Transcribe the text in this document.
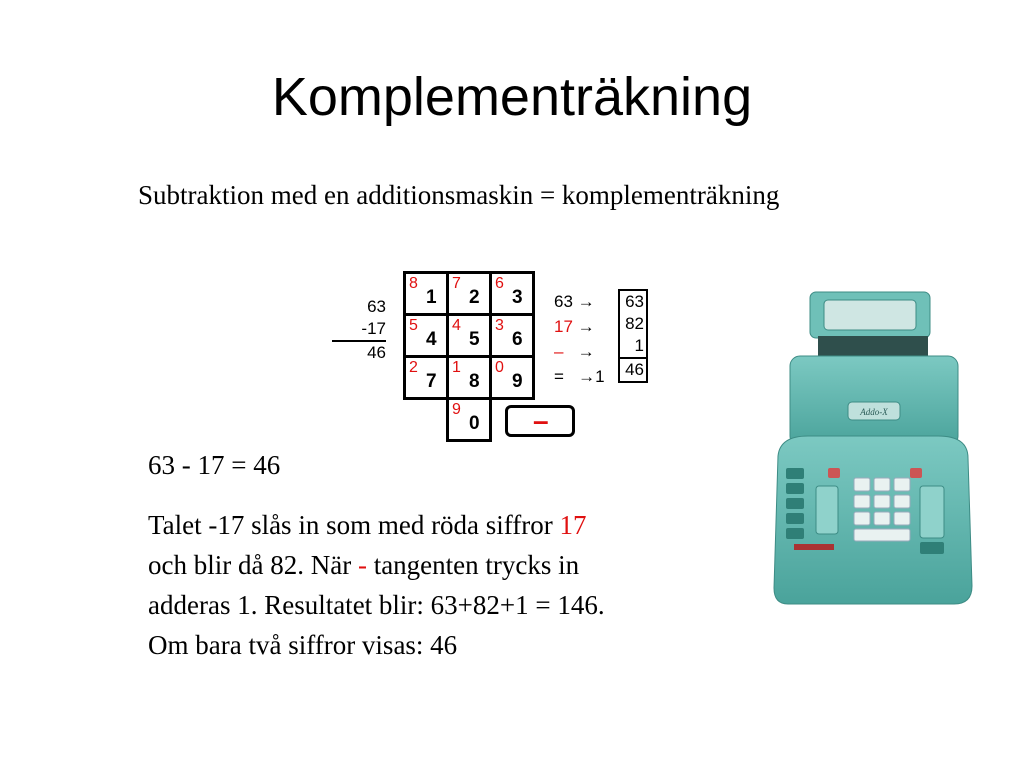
Komplementräkning
Subtraktion med en additionsmaskin = komplementräkning
63
-17
46
8
1
7
2
6
3
5
4
4
5
3
6
2
7
1
8
0
9
9
0 –
63 →
17 →
– →
= →1
63
82
1
46
63 - 17 = 46
Talet -17 slås in som med röda siffror 17
och blir då 82. När - tangenten trycks in
adderas 1. Resultatet blir: 63+82+1 = 146.
Om bara två siffror visas: 46
Addo-X
